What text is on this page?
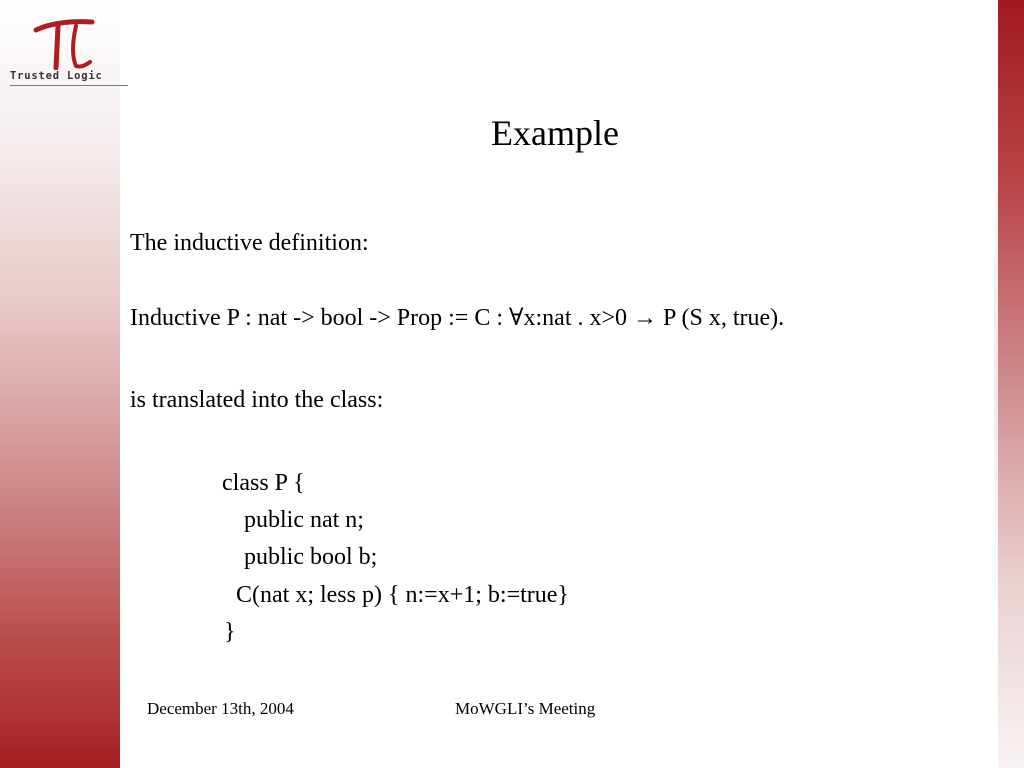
Trusted Logic
Example
The inductive definition:
Inductive P : nat -> bool -> Prop := C : ∀x:nat . x>0 → P (S x, true).
is translated into the class:
class P {
public nat n;
public bool b;
C(nat x; less p) { n:=x+1; b:=true}
}
December 13th, 2004	MoWGLI’s Meeting
